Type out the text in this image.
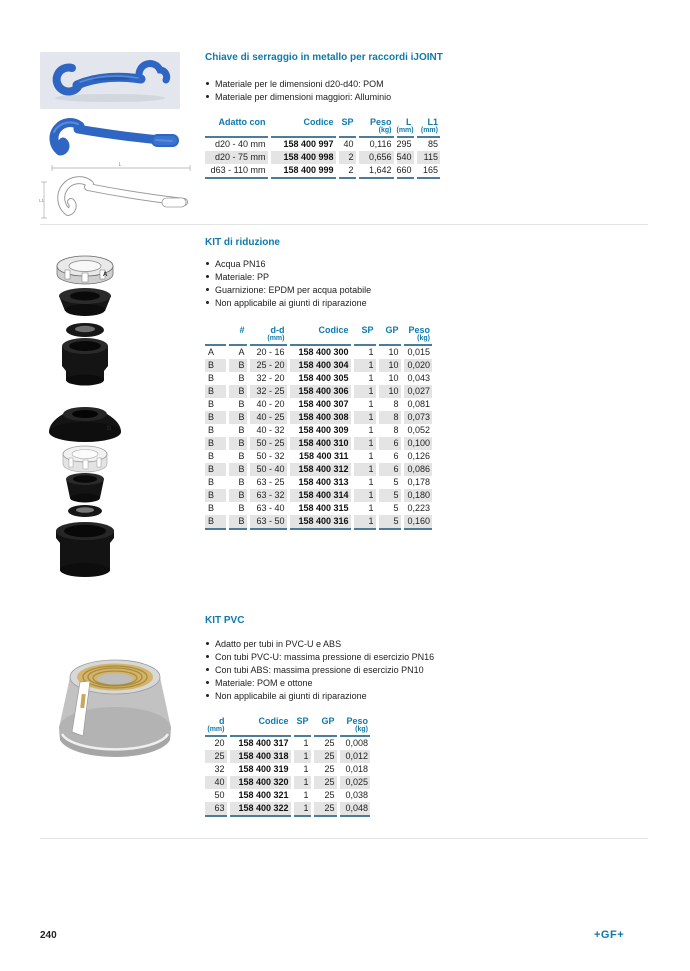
L
L1
A
B
Chiave di serraggio in metallo per raccordi iJOINT
Materiale per le dimensioni d20-d40: POM
Materiale per dimensioni maggiori: Alluminio
Adatto con	Codice	SP	Peso
(kg)

L
(mm)

L1
(mm)

d20 - 40 mm	158 400 997	40	0,116	295	85
d20 - 75 mm	158 400 998	2	0,656	540	115
d63 - 110 mm	158 400 999	2	1,642	660	165
KIT di riduzione
Acqua PN16
Materiale: PP
Guarnizione: EPDM per acqua potabile
Non applicabile ai giunti di riparazione

#	d-d
(mm)

Codice	SP	GP	Peso
(kg)

A	A	20 - 16	158 400 300	1	10	0,015
B	B	25 - 20	158 400 304	1	10	0,020
B	B	32 - 20	158 400 305	1	10	0,043
B	B	32 - 25	158 400 306	1	10	0,027
B	B	40 - 20	158 400 307	1	8	0,081
B	B	40 - 25	158 400 308	1	8	0,073
B	B	40 - 32	158 400 309	1	8	0,052
B	B	50 - 25	158 400 310	1	6	0,100
B	B	50 - 32	158 400 311	1	6	0,126
B	B	50 - 40	158 400 312	1	6	0,086
B	B	63 - 25	158 400 313	1	5	0,178
B	B	63 - 32	158 400 314	1	5	0,180
B	B	63 - 40	158 400 315	1	5	0,223
B	B	63 - 50	158 400 316	1	5	0,160
KIT PVC
Adatto per tubi in PVC-U e ABS
Con tubi PVC-U: massima pressione di esercizio PN16
Con tubi ABS: massima pressione di esercizio PN10
Materiale: POM e ottone
Non applicabile ai giunti di riparazione
d
(mm)

Codice	SP	GP	Peso
(kg)

20	158 400 317	1	25	0,008
25	158 400 318	1	25	0,012
32	158 400 319	1	25	0,018
40	158 400 320	1	25	0,025
50	158 400 321	1	25	0,038
63	158 400 322	1	25	0,048
240	+GF+
